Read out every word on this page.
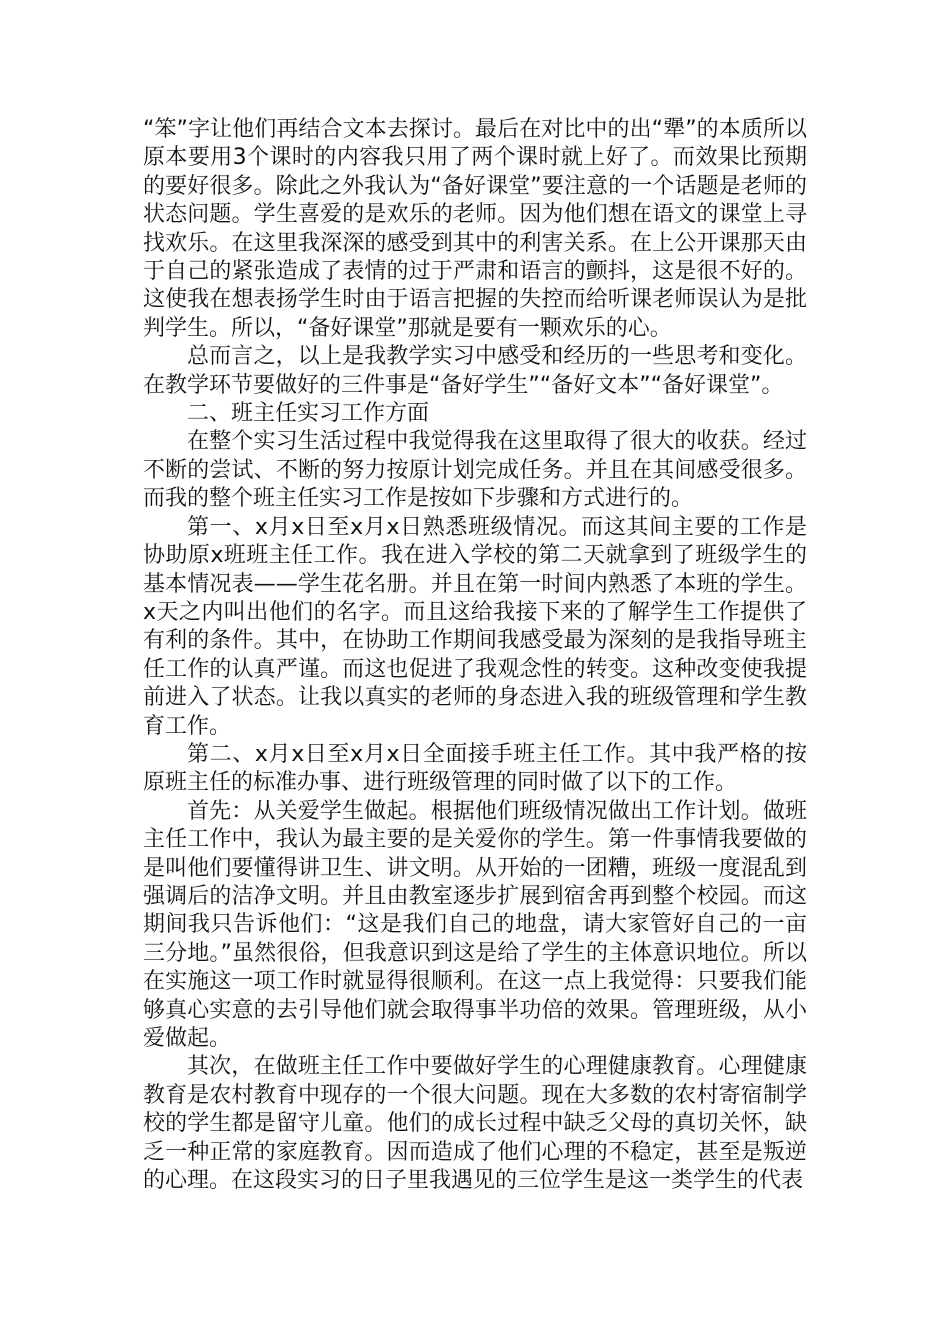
“笨”字让他们再结合文本去探讨。最后在对比中的出“犟”的本质所以原本要用3个课时的内容我只用了两个课时就上好了。而效果比预期的要好很多。除此之外我认为“备好课堂”要注意的一个话题是老师的状态问题。学生喜爱的是欢乐的老师。因为他们想在语文的课堂上寻找欢乐。在这里我深深的感受到其中的利害关系。在上公开课那天由于自己的紧张造成了表情的过于严肃和语言的颤抖，这是很不好的。这使我在想表扬学生时由于语言把握的失控而给听课老师误认为是批判学生。所以，“备好课堂”那就是要有一颗欢乐的心。

总而言之，以上是我教学实习中感受和经历的一些思考和变化。在教学环节要做好的三件事是“备好学生”“备好文本”“备好课堂”。

二、班主任实习工作方面

在整个实习生活过程中我觉得我在这里取得了很大的收获。经过不断的尝试、不断的努力按原计划完成任务。并且在其间感受很多。而我的整个班主任实习工作是按如下步骤和方式进行的。

第一、x月x日至x月x日熟悉班级情况。而这其间主要的工作是协助原x班班主任工作。我在进入学校的第二天就拿到了班级学生的基本情况表——学生花名册。并且在第一时间内熟悉了本班的学生。x天之内叫出他们的名字。而且这给我接下来的了解学生工作提供了有利的条件。其中，在协助工作期间我感受最为深刻的是我指导班主任工作的认真严谨。而这也促进了我观念性的转变。这种改变使我提前进入了状态。让我以真实的老师的身态进入我的班级管理和学生教育工作。

第二、x月x日至x月x日全面接手班主任工作。其中我严格的按原班主任的标准办事、进行班级管理的同时做了以下的工作。

首先：从关爱学生做起。根据他们班级情况做出工作计划。做班主任工作中，我认为最主要的是关爱你的学生。第一件事情我要做的是叫他们要懂得讲卫生、讲文明。从开始的一团糟，班级一度混乱到强调后的洁净文明。并且由教室逐步扩展到宿舍再到整个校园。而这期间我只告诉他们：“这是我们自己的地盘，请大家管好自己的一亩三分地。”虽然很俗，但我意识到这是给了学生的主体意识地位。所以在实施这一项工作时就显得很顺利。在这一点上我觉得：只要我们能够真心实意的去引导他们就会取得事半功倍的效果。管理班级，从小爱做起。

其次，在做班主任工作中要做好学生的心理健康教育。心理健康教育是农村教育中现存的一个很大问题。现在大多数的农村寄宿制学校的学生都是留守儿童。他们的成长过程中缺乏父母的真切关怀，缺乏一种正常的家庭教育。因而造成了他们心理的不稳定，甚至是叛逆的心理。在这段实习的日子里我遇见的三位学生是这一类学生的代表
